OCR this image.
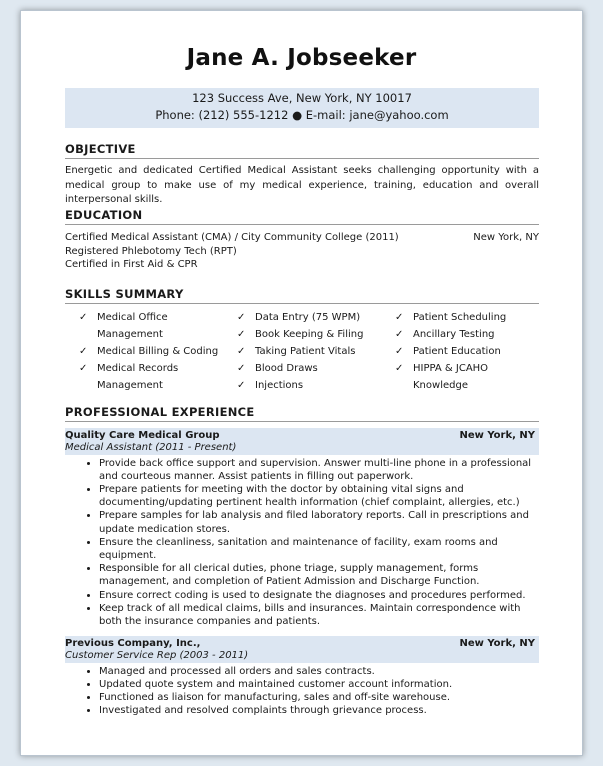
Jane A. Jobseeker
123 Success Ave, New York, NY 10017
Phone: (212) 555-1212 ● E-mail: jane@yahoo.com
OBJECTIVE
Energetic and dedicated Certified Medical Assistant seeks challenging opportunity with a medical group to make use of my medical experience, training, education and overall interpersonal skills.
EDUCATION
Certified Medical Assistant (CMA) / City Community College (2011)	New York, NY
Registered Phlebotomy Tech (RPT)
Certified in First Aid & CPR
SKILLS SUMMARY
✓ Medical Office Management
✓ Medical Billing & Coding
✓ Medical Records Management
✓ Data Entry (75 WPM)
✓ Book Keeping & Filing
✓ Taking Patient Vitals
✓ Blood Draws
✓ Injections
✓ Patient Scheduling
✓ Ancillary Testing
✓ Patient Education
✓ HIPPA & JCAHO Knowledge
PROFESSIONAL EXPERIENCE
Quality Care Medical Group	New York, NY
Medical Assistant (2011 - Present)
• Provide back office support and supervision. Answer multi-line phone in a professional and courteous manner. Assist patients in filling out paperwork.
• Prepare patients for meeting with the doctor by obtaining vital signs and documenting/updating pertinent health information (chief complaint, allergies, etc.)
• Prepare samples for lab analysis and filed laboratory reports. Call in prescriptions and update medication stores.
• Ensure the cleanliness, sanitation and maintenance of facility, exam rooms and equipment.
• Responsible for all clerical duties, phone triage, supply management, forms management, and completion of Patient Admission and Discharge Function.
• Ensure correct coding is used to designate the diagnoses and procedures performed.
• Keep track of all medical claims, bills and insurances. Maintain correspondence with both the insurance companies and patients.
Previous Company, Inc.,	New York, NY
Customer Service Rep (2003 - 2011)
• Managed and processed all orders and sales contracts.
• Updated quote system and maintained customer account information.
• Functioned as liaison for manufacturing, sales and off-site warehouse.
• Investigated and resolved complaints through grievance process.
